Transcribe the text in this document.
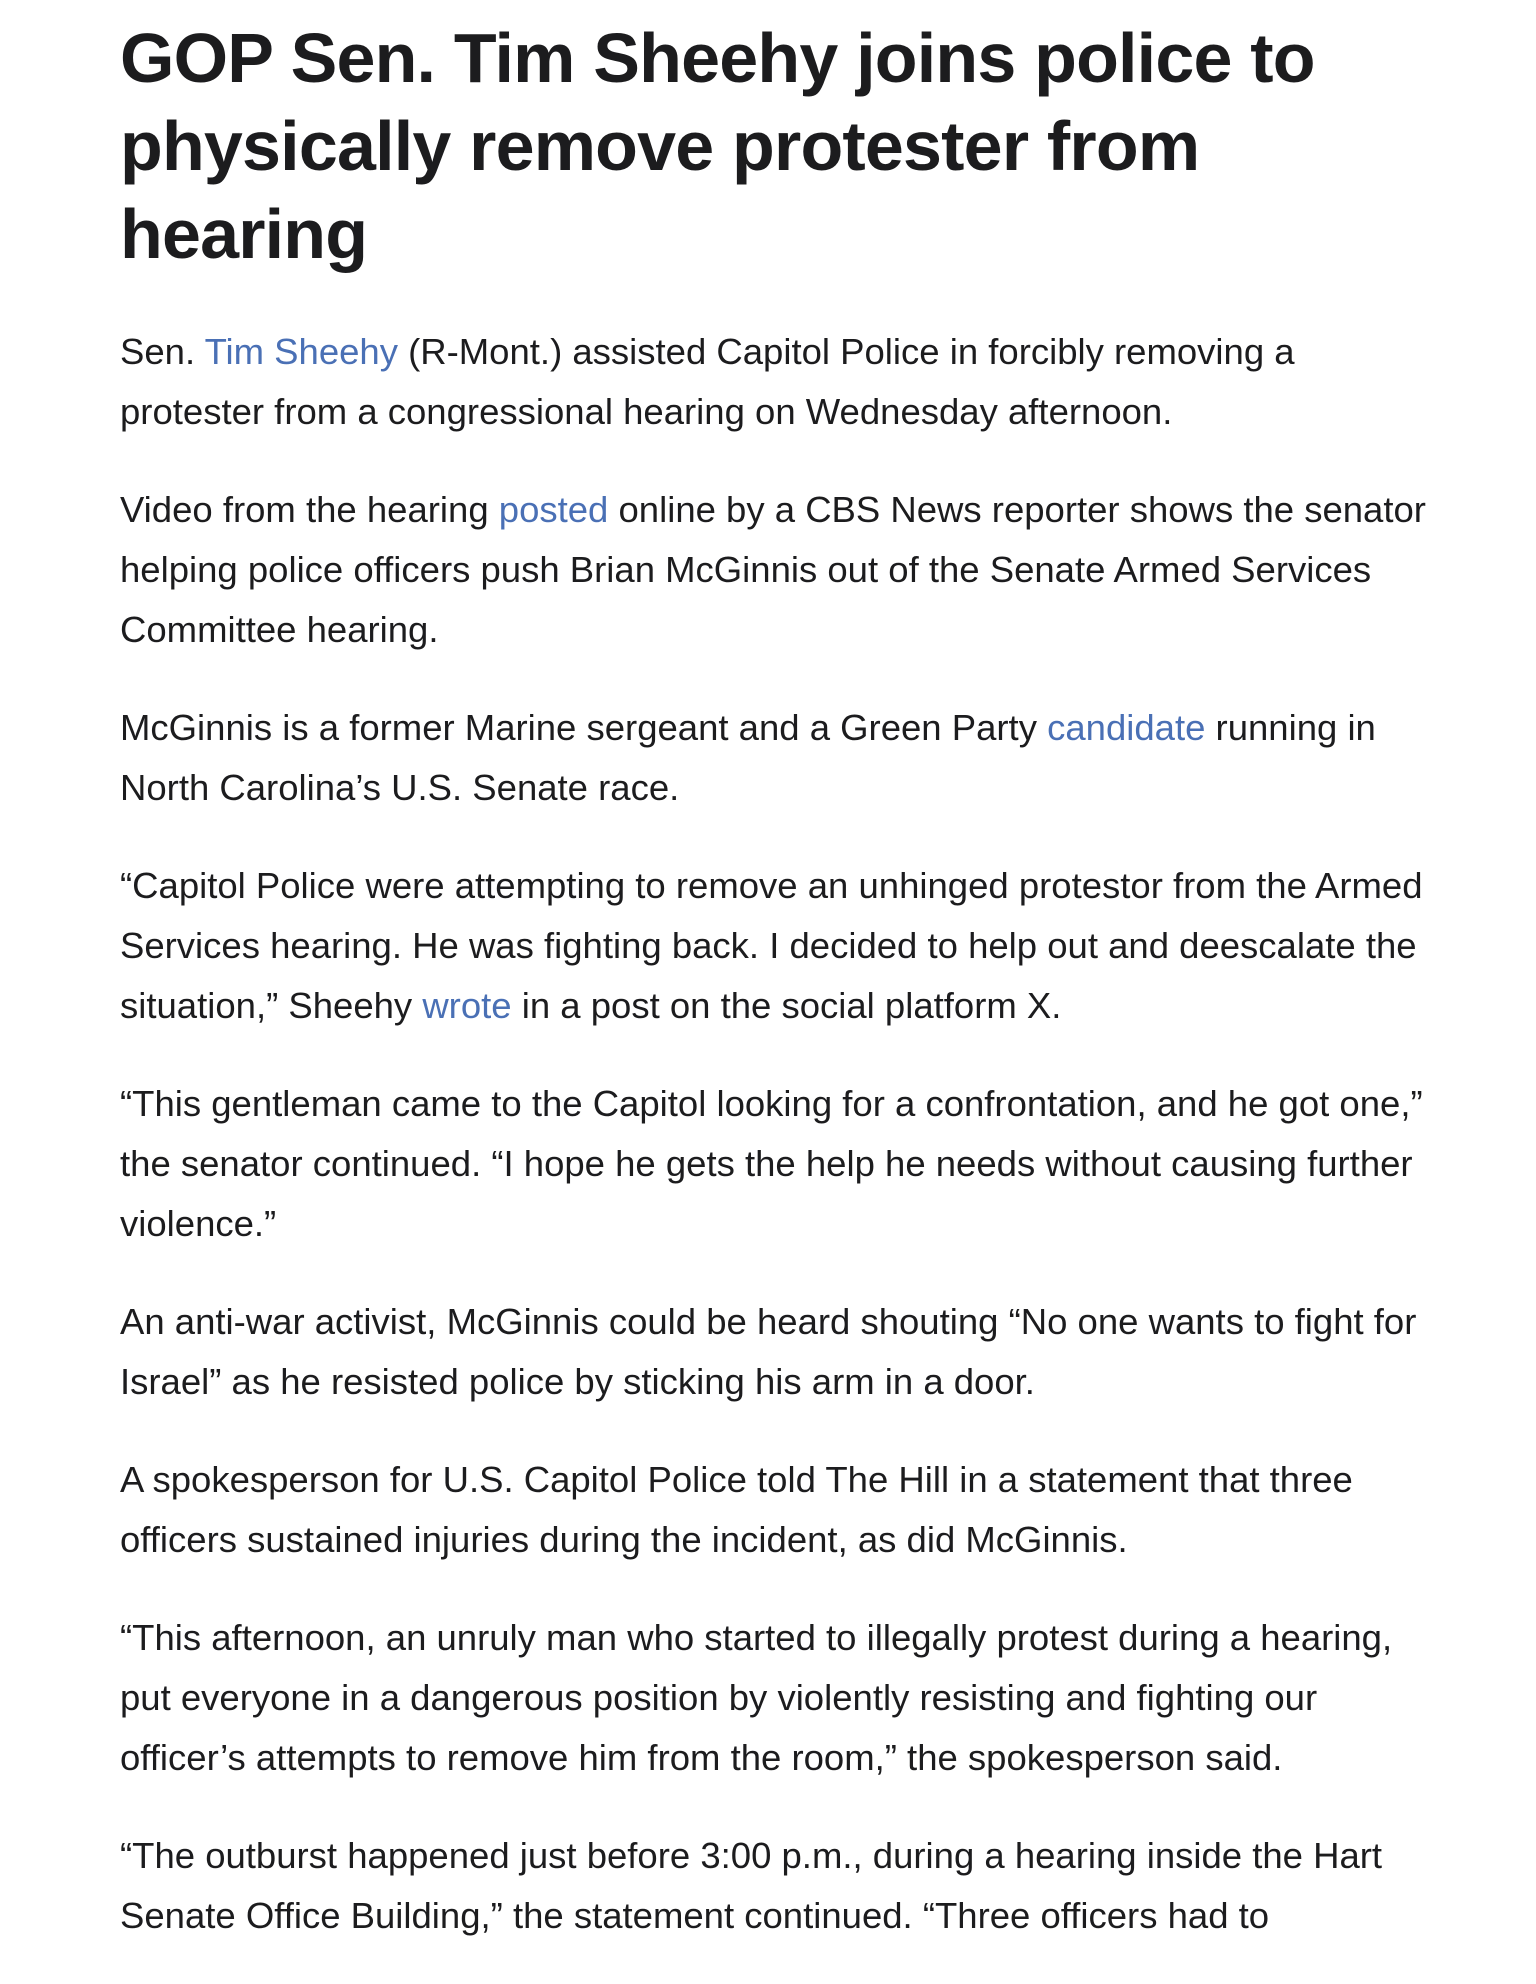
GOP Sen. Tim Sheehy joins police to physically remove protester from hearing

Sen. Tim Sheehy (R-Mont.) assisted Capitol Police in forcibly removing a protester from a congressional hearing on Wednesday afternoon.

Video from the hearing posted online by a CBS News reporter shows the senator helping police officers push Brian McGinnis out of the Senate Armed Services Committee hearing.

McGinnis is a former Marine sergeant and a Green Party candidate running in North Carolina’s U.S. Senate race.

“Capitol Police were attempting to remove an unhinged protestor from the Armed Services hearing. He was fighting back. I decided to help out and deescalate the situation,” Sheehy wrote in a post on the social platform X.

“This gentleman came to the Capitol looking for a confrontation, and he got one,” the senator continued. “I hope he gets the help he needs without causing further violence.”

An anti-war activist, McGinnis could be heard shouting “No one wants to fight for Israel” as he resisted police by sticking his arm in a door.

A spokesperson for U.S. Capitol Police told The Hill in a statement that three officers sustained injuries during the incident, as did McGinnis.

“This afternoon, an unruly man who started to illegally protest during a hearing, put everyone in a dangerous position by violently resisting and fighting our officer’s attempts to remove him from the room,” the spokesperson said.

“The outburst happened just before 3:00 p.m., during a hearing inside the Hart Senate Office Building,” the statement continued. “Three officers had to
